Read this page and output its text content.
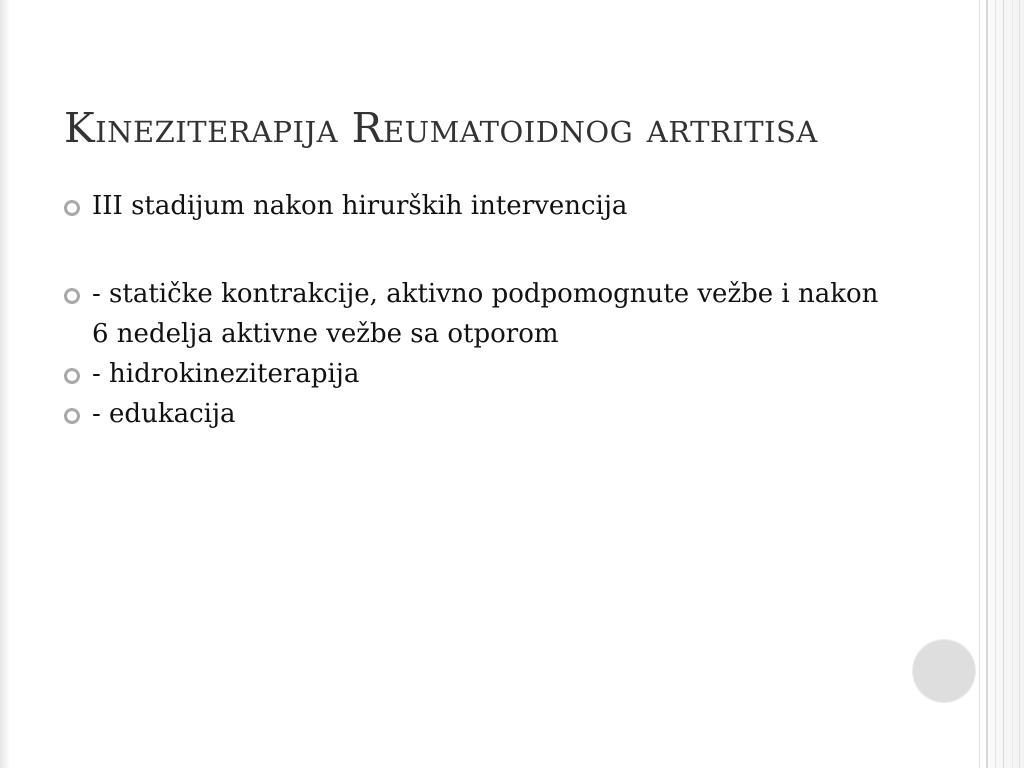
Kineziterapija Reumatoidnog artritisa
III stadijum nakon hirurških intervencija
- statičke kontrakcije, aktivno podpomognute vežbe i nakon 6 nedelja aktivne vežbe sa otporom
- hidrokineziterapija
- edukacija
